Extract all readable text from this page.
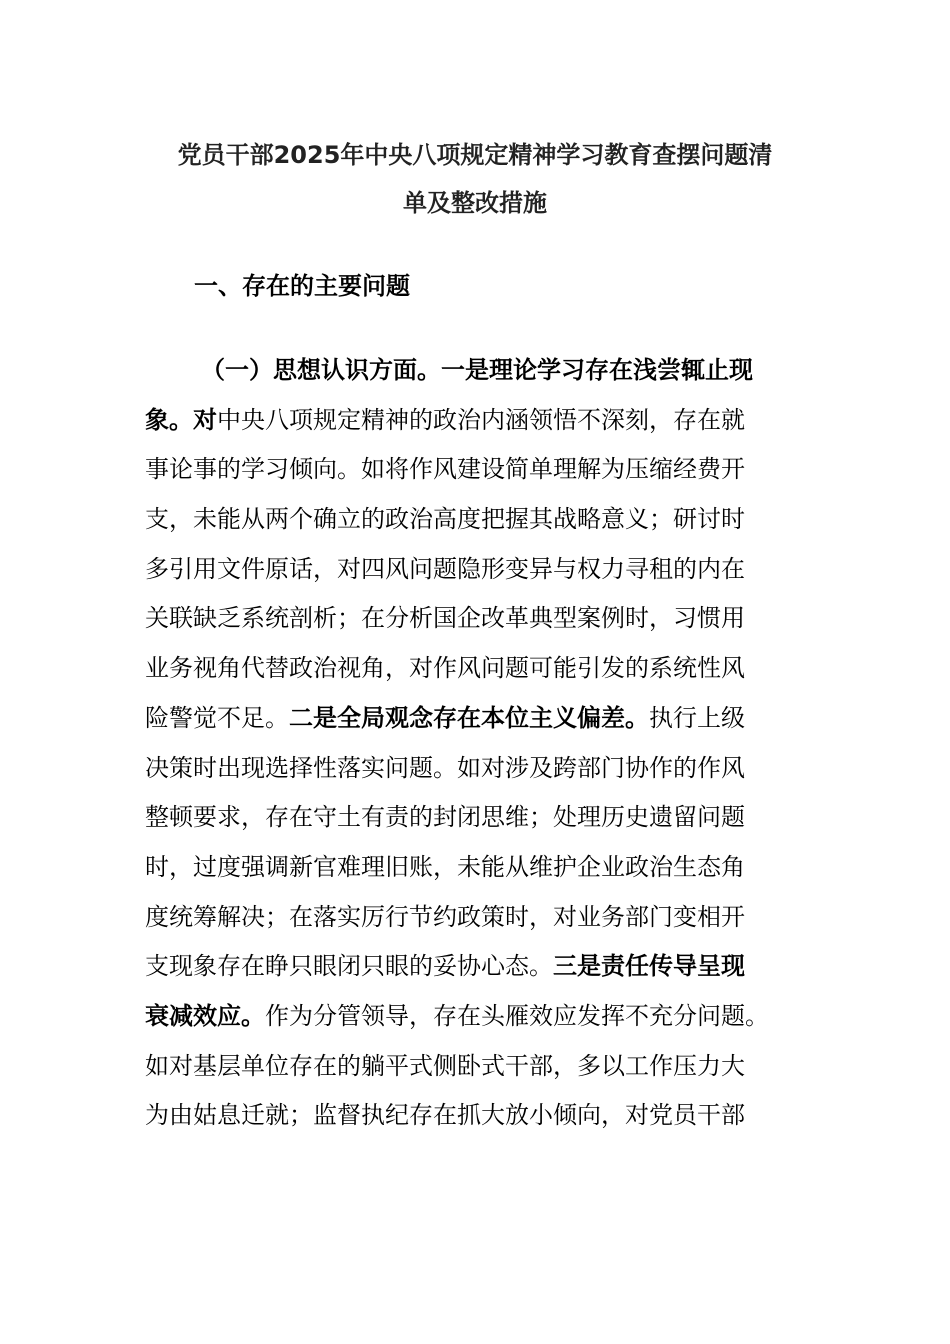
党员干部2025年中央八项规定精神学习教育查摆问题清
单及整改措施
一、存在的主要问题
（一）思想认识方面。一是理论学习存在浅尝辄止现
象。对中央八项规定精神的政治内涵领悟不深刻，存在就
事论事的学习倾向。如将作风建设简单理解为压缩经费开
支，未能从两个确立的政治高度把握其战略意义；研讨时
多引用文件原话，对四风问题隐形变异与权力寻租的内在
关联缺乏系统剖析；在分析国企改革典型案例时，习惯用
业务视角代替政治视角，对作风问题可能引发的系统性风
险警觉不足。二是全局观念存在本位主义偏差。执行上级
决策时出现选择性落实问题。如对涉及跨部门协作的作风
整顿要求，存在守土有责的封闭思维；处理历史遗留问题
时，过度强调新官难理旧账，未能从维护企业政治生态角
度统筹解决；在落实厉行节约政策时，对业务部门变相开
支现象存在睁只眼闭只眼的妥协心态。三是责任传导呈现
衰减效应。作为分管领导，存在头雁效应发挥不充分问题。
如对基层单位存在的躺平式侧卧式干部，多以工作压力大
为由姑息迁就；监督执纪存在抓大放小倾向，对党员干部
